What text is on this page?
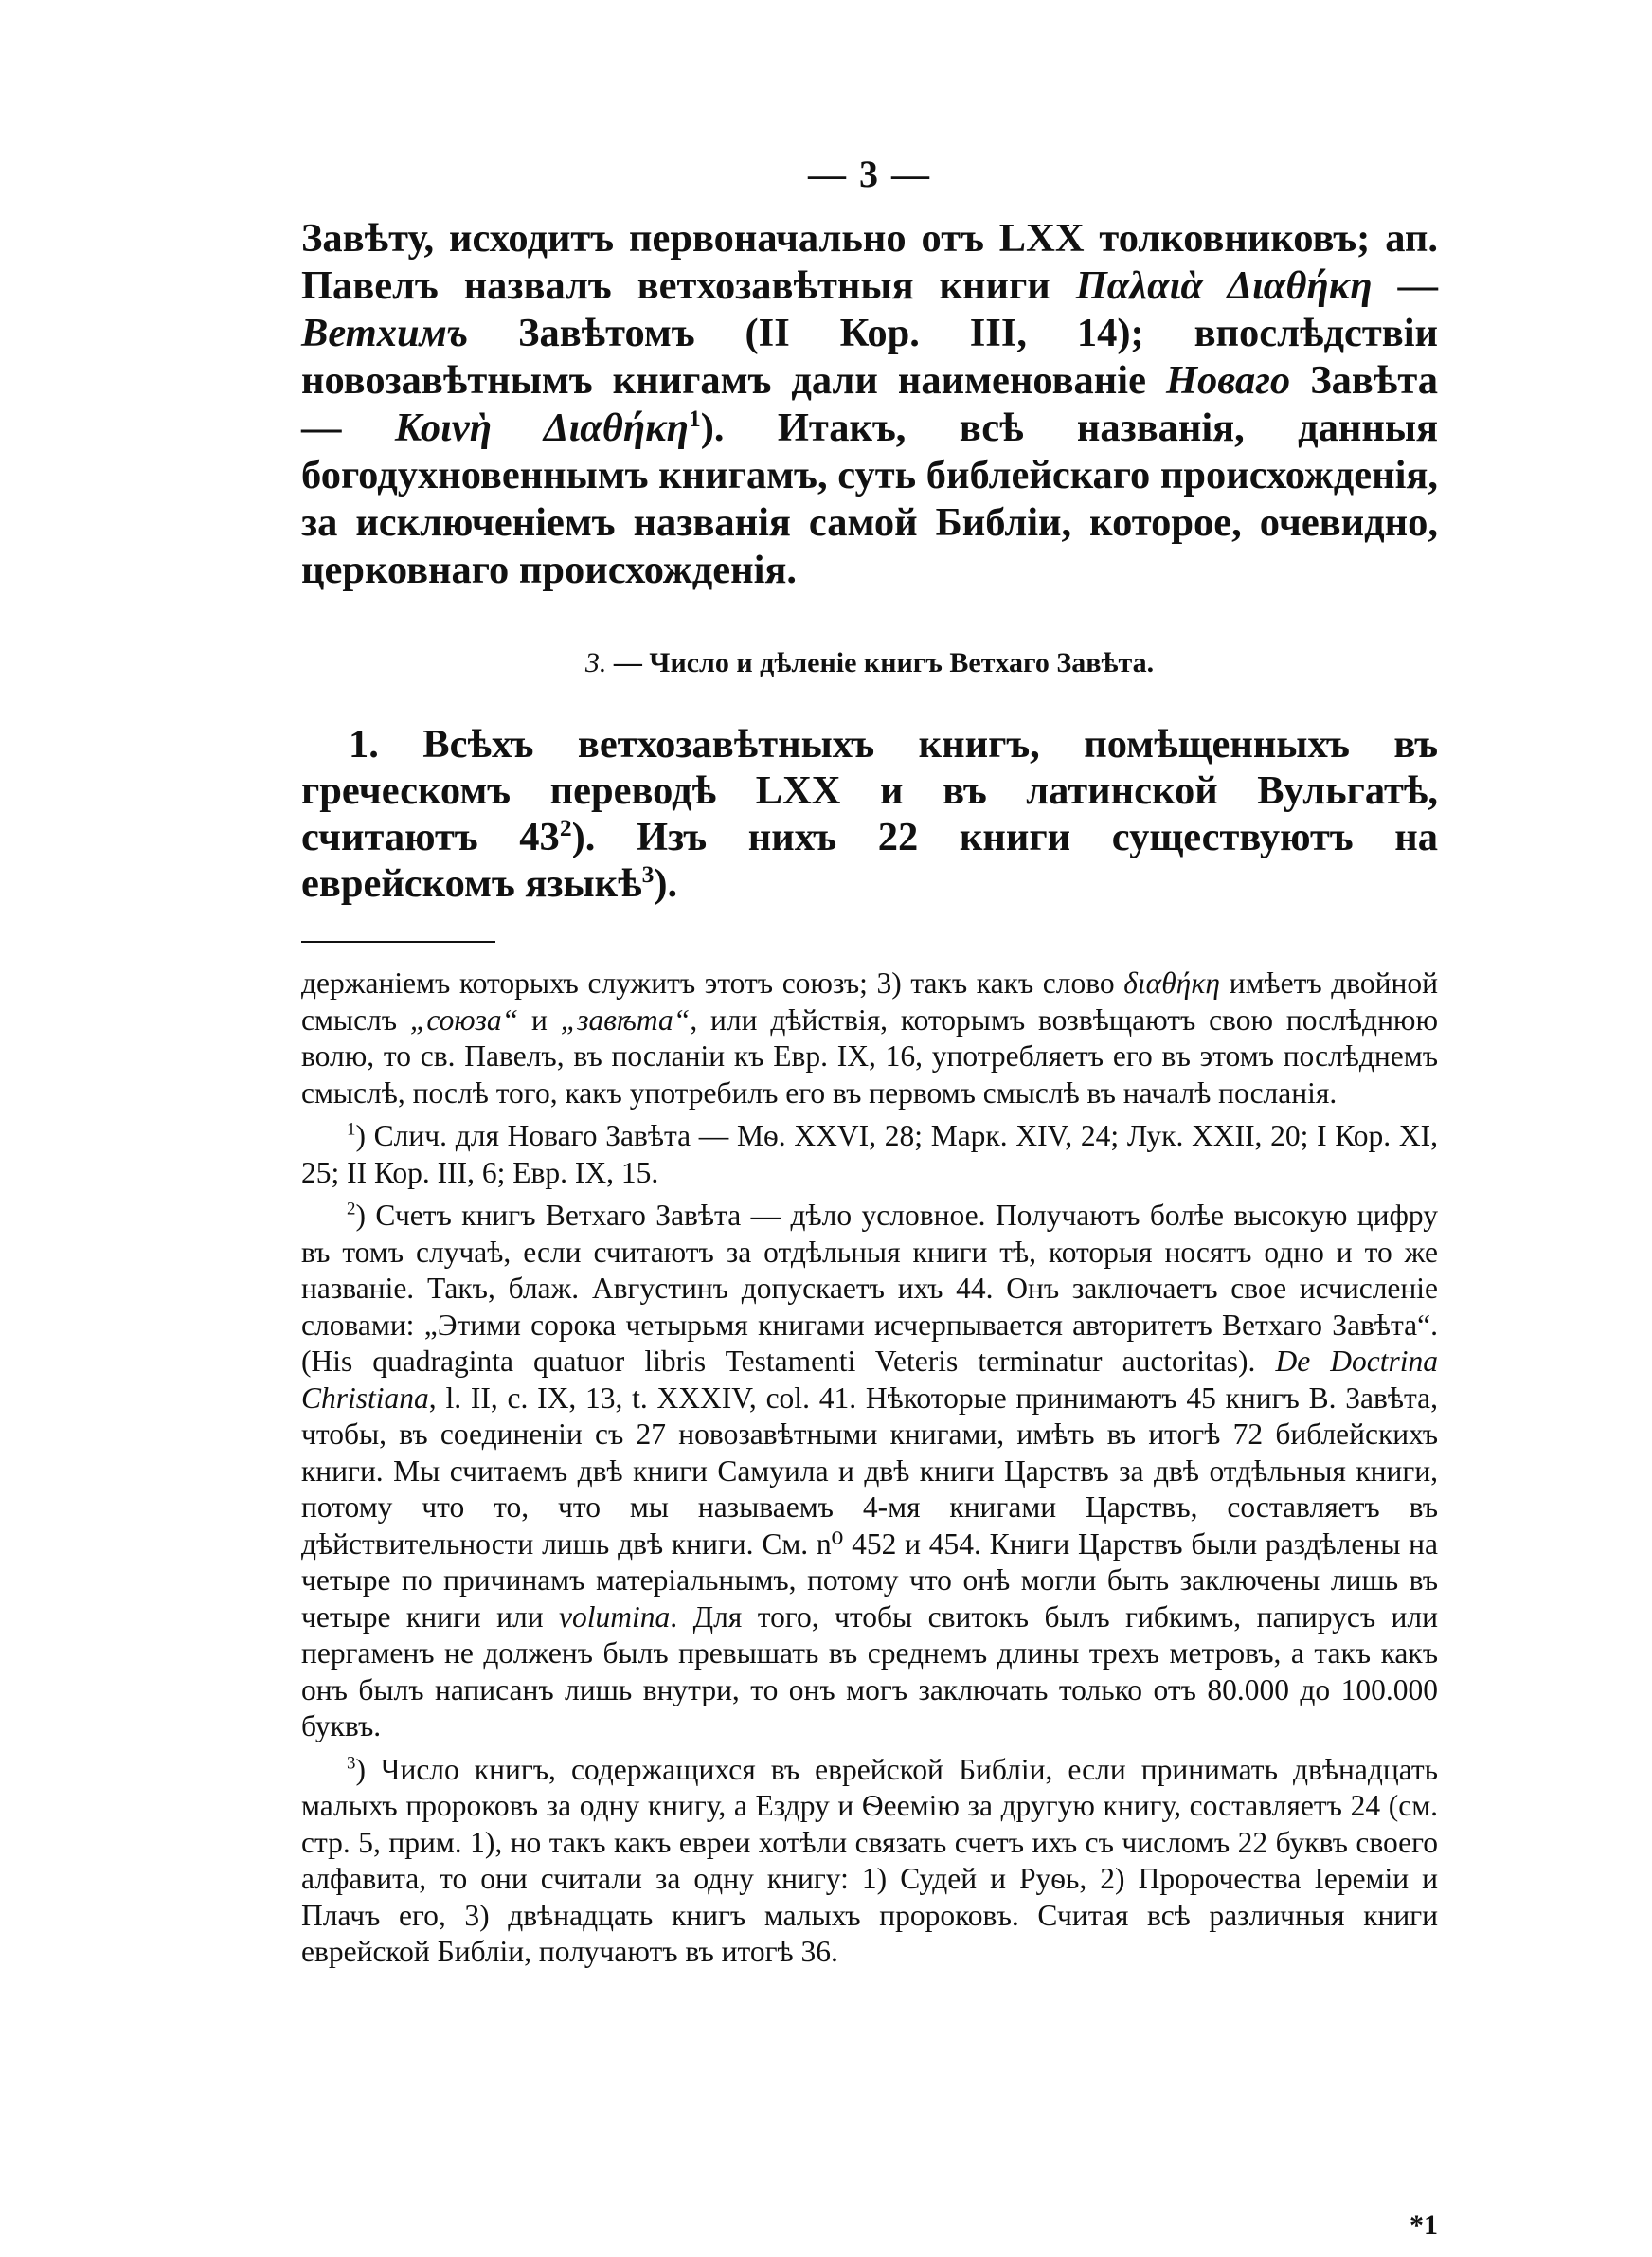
— 3 —

Завѣту, исходитъ первоначально отъ LXX толковниковъ; ап. Павелъ назвалъ ветхозавѣтныя книги Παλαιὰ Διαθήκη — Ветхимъ Завѣтомъ (II Кор. III, 14); впослѣдствіи новозавѣтнымъ книгамъ дали наименованіе Новаго Завѣта — Κοινὴ Διαθήκη$^1$). Итакъ, всѣ названія, данныя богодухновеннымъ книгамъ, суть библейскаго происхожденія, за исключеніемъ названія самой Библіи, которое, очевидно, церковнаго происхожденія.

3. — Число и дѣленіе книгъ Ветхаго Завѣта.

1. Всѣхъ ветхозавѣтныхъ книгъ, помѣщенныхъ въ греческомъ переводѣ LXX и въ латинской Вульгатѣ, считаютъ $43^2$). Изъ нихъ 22 книги существуютъ на еврейскомъ языкѣ$^3$).

держаніемъ которыхъ служитъ этотъ союзъ; 3) такъ какъ слово διαθήκη имѣетъ двойной смыслъ „союза“ и „завѣта“, или дѣйствія, которымъ возвѣщаютъ свою послѣднюю волю, то св. Павелъ, въ посланіи къ Евр. IX, 16, употребляетъ его въ этомъ послѣднемъ смыслѣ, послѣ того, какъ употребилъ его въ первомъ смыслѣ въ началѣ посланія.

$^1$) Слич. для Новаго Завѣта — Мѳ. XXVI, 28; Марк. XIV, 24; Лук. XXII, 20; I Кор. XI, 25; II Кор. III, 6; Евр. IX, 15.

$^2$) Счетъ книгъ Ветхаго Завѣта — дѣло условное. Получаютъ болѣе высокую цифру въ томъ случаѣ, если считаютъ за отдѣльныя книги тѣ, которыя носятъ одно и то же названіе. Такъ, блаж. Августинъ допускаетъ ихъ 44. Онъ заключаетъ свое исчисленіе словами: „Этими сорока четырьмя книгами исчерпывается авторитетъ Ветхаго Завѣта“. (His quadraginta quatuor libris Testamenti Veteris terminatur auctoritas). De Doctrina Christiana, l. II, c. IX, 13, t. XXXIV, col. 41. Нѣкоторые принимаютъ 45 книгъ В. Завѣта, чтобы, въ соединеніи съ 27 новозавѣтными книгами, имѣть въ итогѣ 72 библейскихъ книги. Мы считаемъ двѣ книги Самуила и двѣ книги Царствъ за двѣ отдѣльныя книги, потому что то, что мы называемъ 4-мя книгами Царствъ, составляетъ въ дѣйствительности лишь двѣ книги. См. n⁰ 452 и 454. Книги Царствъ были раздѣлены на четыре по причинамъ матеріальнымъ, потому что онѣ могли быть заключены лишь въ четыре книги или volumina. Для того, чтобы свитокъ былъ гибкимъ, папирусъ или пергаменъ не долженъ былъ превышать въ среднемъ длины трехъ метровъ, а такъ какъ онъ былъ написанъ лишь внутри, то онъ могъ заключать только отъ 80.000 до 100.000 буквъ.

$^3$) Число книгъ, содержащихся въ еврейской Библіи, если принимать двѣнадцать малыхъ пророковъ за одну книгу, а Ездру и Ѳеемію за другую книгу, составляетъ 24 (см. стр. 5, прим. 1), но такъ какъ евреи хотѣли связать счетъ ихъ съ числомъ 22 буквъ своего алфавита, то они считали за одну книгу: 1) Судей и Руѳь, 2) Пророчества Іереміи и Плачъ его, 3) двѣнадцать книгъ малыхъ пророковъ. Считая всѣ различныя книги еврейской Библіи, получаютъ въ итогѣ 36.

*1
